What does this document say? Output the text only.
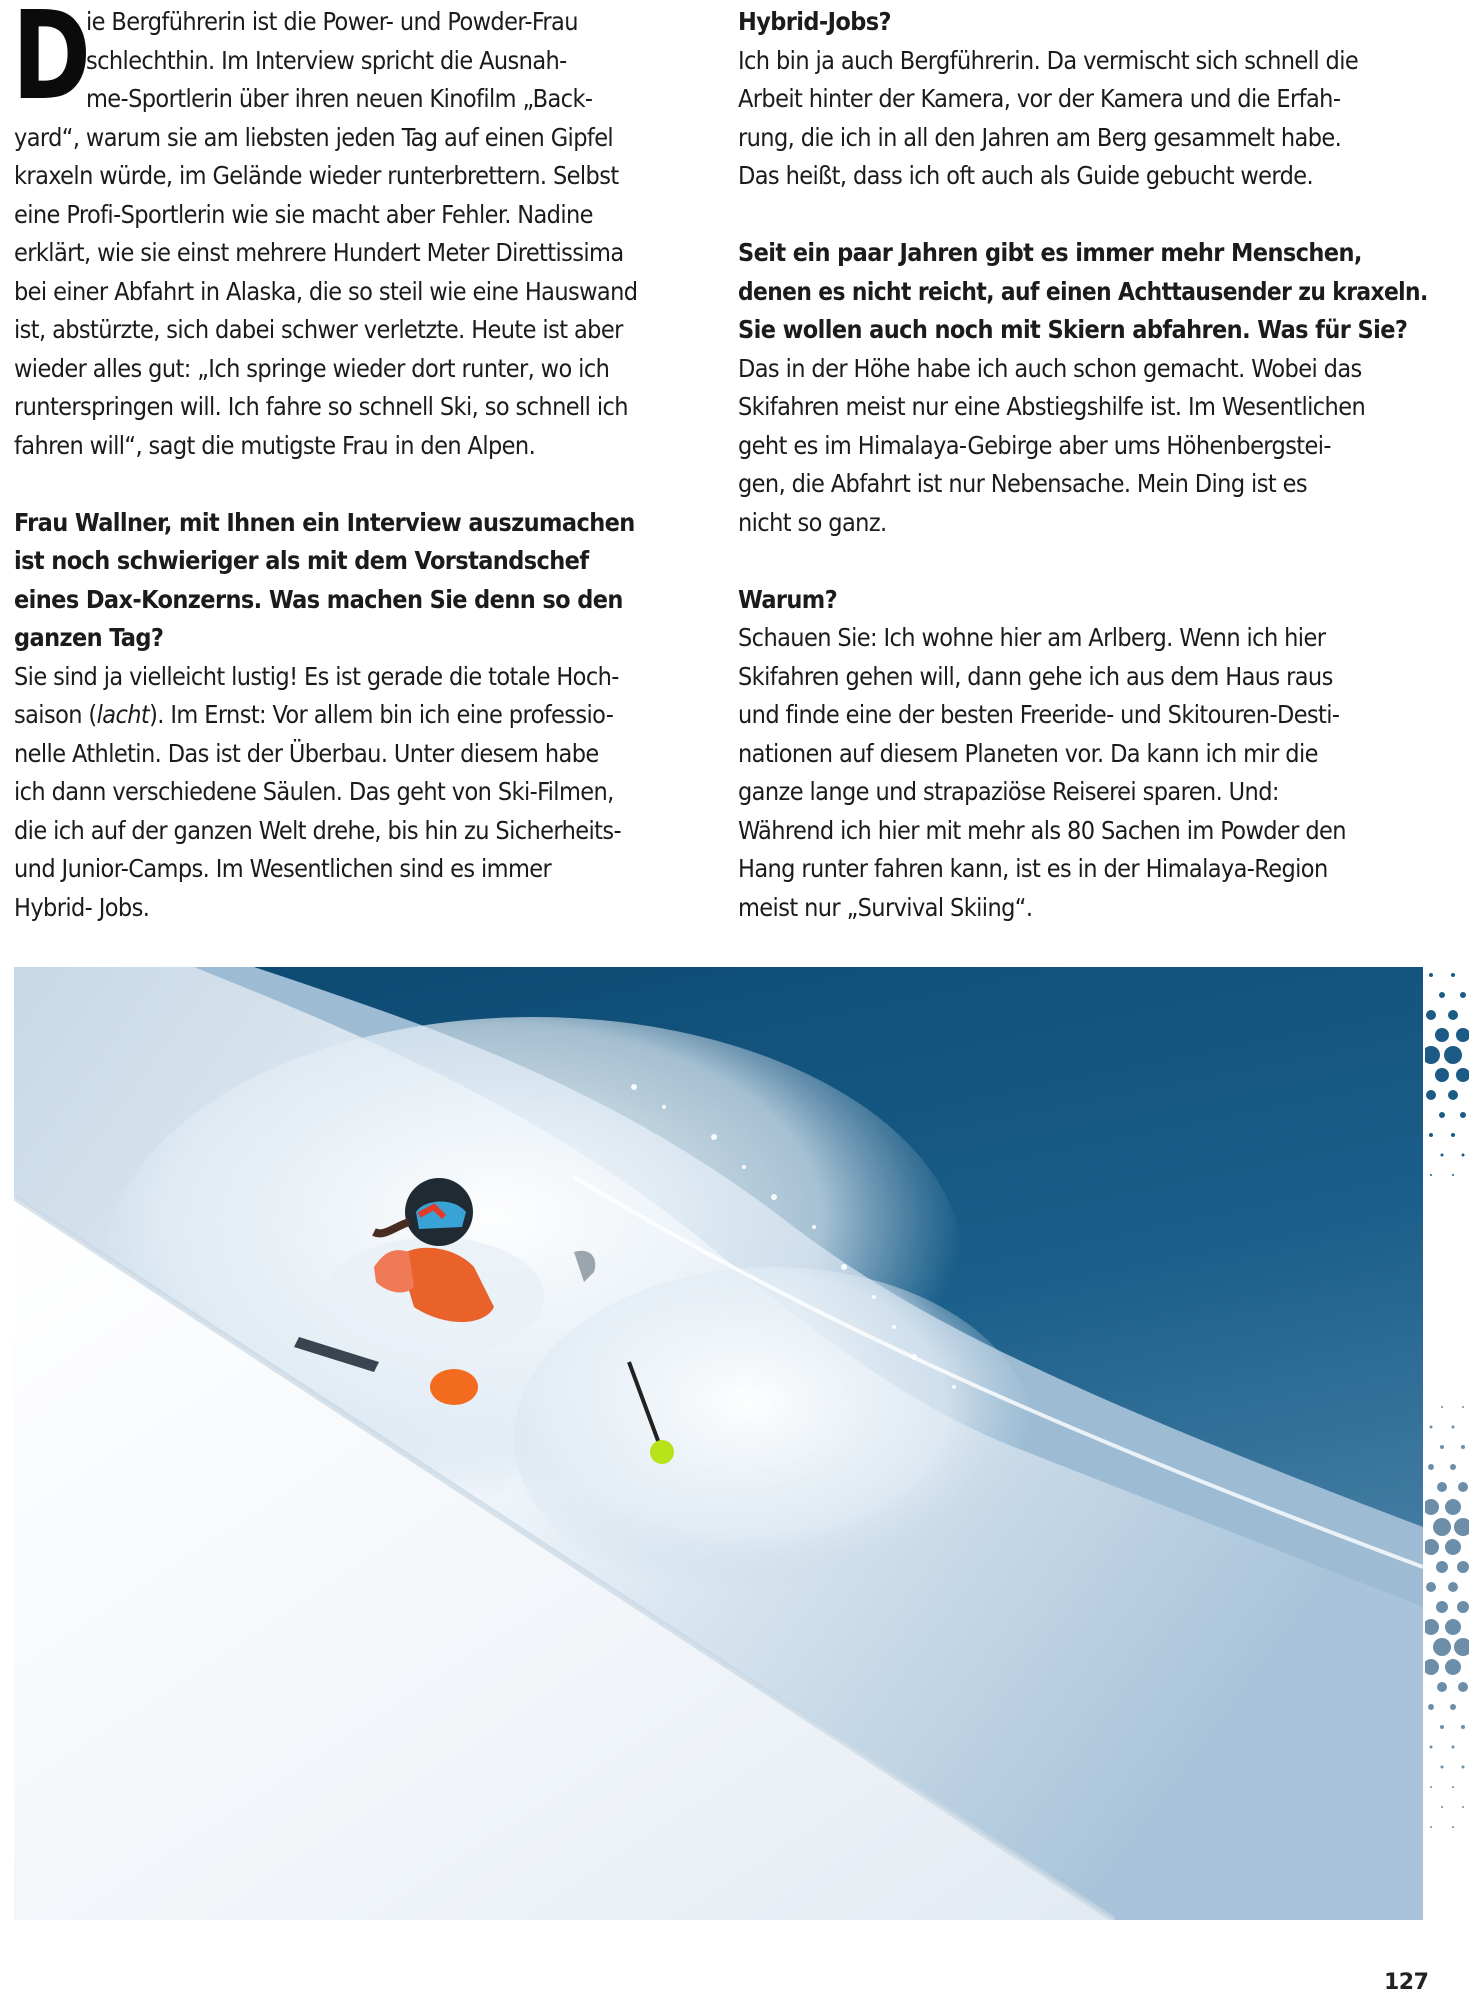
D
ie Bergführerin ist die Power- und Powder-Frau
schlechthin. Im Interview spricht die Ausnah-
me-Sportlerin über ihren neuen Kinofilm „Back-
yard“, warum sie am liebsten jeden Tag auf einen Gipfel
kraxeln würde, im Gelände wieder runterbrettern. Selbst
eine Profi-Sportlerin wie sie macht aber Fehler. Nadine
erklärt, wie sie einst mehrere Hundert Meter Direttissima
bei einer Abfahrt in Alaska, die so steil wie eine Hauswand
ist, abstürzte, sich dabei schwer verletzte. Heute ist aber
wieder alles gut: „Ich springe wieder dort runter, wo ich
runterspringen will. Ich fahre so schnell Ski, so schnell ich
fahren will“, sagt die mutigste Frau in den Alpen.
Frau Wallner, mit Ihnen ein Interview auszumachen
ist noch schwieriger als mit dem Vorstandschef
eines Dax-Konzerns. Was machen Sie denn so den
ganzen Tag?
Sie sind ja vielleicht lustig! Es ist gerade die totale Hoch-
saison (lacht). Im Ernst: Vor allem bin ich eine professio-
nelle Athletin. Das ist der Überbau. Unter diesem habe
ich dann verschiedene Säulen. Das geht von Ski-Filmen,
die ich auf der ganzen Welt drehe, bis hin zu Sicherheits-
und Junior-Camps. Im Wesentlichen sind es immer
Hybrid- Jobs.
Hybrid-Jobs?
Ich bin ja auch Bergführerin. Da vermischt sich schnell die
Arbeit hinter der Kamera, vor der Kamera und die Erfah-
rung, die ich in all den Jahren am Berg gesammelt habe.
Das heißt, dass ich oft auch als Guide gebucht werde.
Seit ein paar Jahren gibt es immer mehr Menschen,
denen es nicht reicht, auf einen Achttausender zu kraxeln.
Sie wollen auch noch mit Skiern abfahren. Was für Sie?
Das in der Höhe habe ich auch schon gemacht. Wobei das
Skifahren meist nur eine Abstiegshilfe ist. Im Wesentlichen
geht es im Himalaya-Gebirge aber ums Höhenbergstei-
gen, die Abfahrt ist nur Nebensache. Mein Ding ist es
nicht so ganz.
Warum?
Schauen Sie: Ich wohne hier am Arlberg. Wenn ich hier
Skifahren gehen will, dann gehe ich aus dem Haus raus
und finde eine der besten Freeride- und Skitouren-Desti-
nationen auf diesem Planeten vor. Da kann ich mir die
ganze lange und strapaziöse Reiserei sparen. Und:
Während ich hier mit mehr als 80 Sachen im Powder den
Hang runter fahren kann, ist es in der Himalaya-Region
meist nur „Survival Skiing“.
127
